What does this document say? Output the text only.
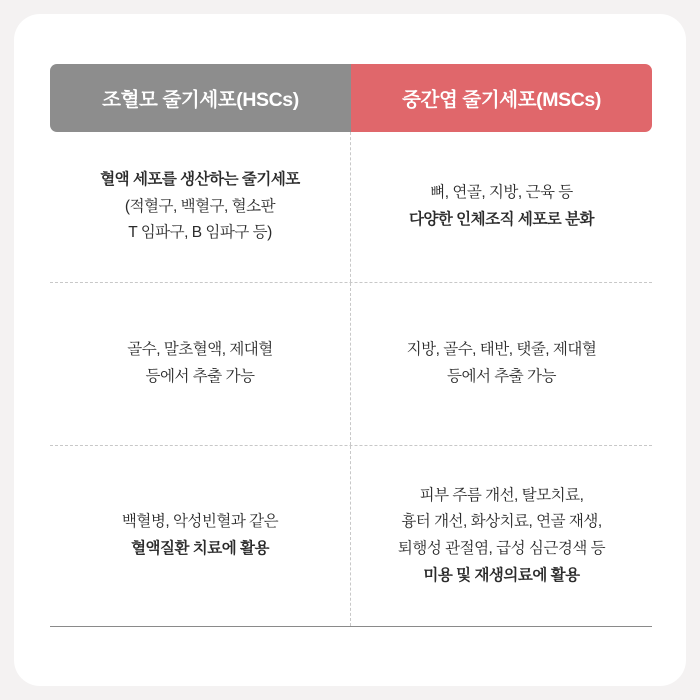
조혈모 줄기세포(HSCs)	중간엽 줄기세포(MSCs)
혈액 세포를 생산하는 줄기세포
(적혈구, 백혈구, 혈소판
T 임파구, B 임파구 등)
뼈, 연골, 지방, 근육 등
다양한 인체조직 세포로 분화
골수, 말초혈액, 제대혈
등에서 추출 가능
지방, 골수, 태반, 탯줄, 제대혈
등에서 추출 가능
백혈병, 악성빈혈과 같은
혈액질환 치료에 활용
피부 주름 개선, 탈모치료,
흉터 개선, 화상치료, 연골 재생,
퇴행성 관절염, 급성 심근경색 등
미용 및 재생의료에 활용
